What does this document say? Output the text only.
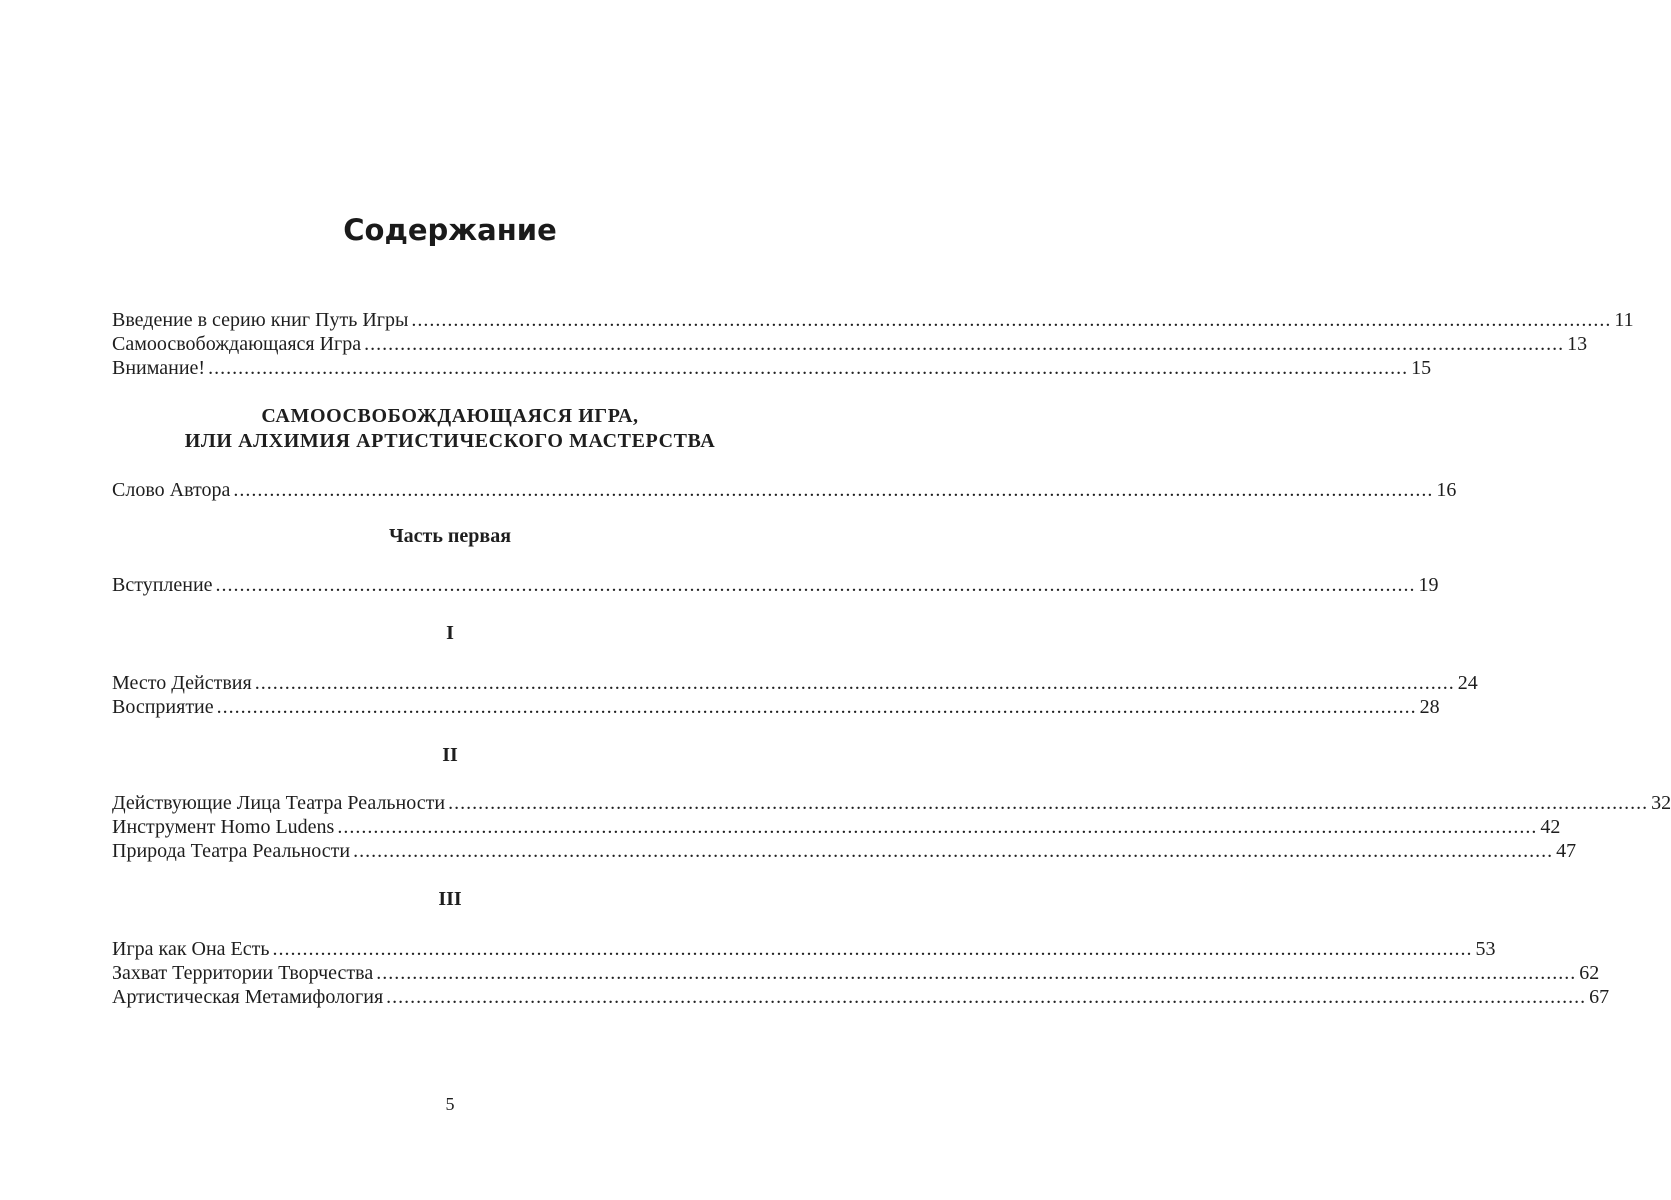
Содержание
Введение в серию книг Путь Игры ........................................................................................................................................................................................................ 11
Самоосвобождающаяся Игра ........................................................................................................................................................................................................ 13
Внимание! ........................................................................................................................................................................................................ 15
САМООСВОБОЖДАЮЩАЯСЯ ИГРА,
ИЛИ АЛХИМИЯ АРТИСТИЧЕСКОГО МАСТЕРСТВА
Слово Автора ........................................................................................................................................................................................................ 16
Часть первая
Вступление ........................................................................................................................................................................................................ 19
I
Место Действия ........................................................................................................................................................................................................ 24
Восприятие ........................................................................................................................................................................................................ 28
II
Действующие Лица Театра Реальности ........................................................................................................................................................................................................ 32
Инструмент Homo Ludens ........................................................................................................................................................................................................ 42
Природа Театра Реальности ........................................................................................................................................................................................................ 47
III
Игра как Она Есть ........................................................................................................................................................................................................ 53
Захват Территории Творчества ........................................................................................................................................................................................................ 62
Артистическая Метамифология ........................................................................................................................................................................................................ 67
5
